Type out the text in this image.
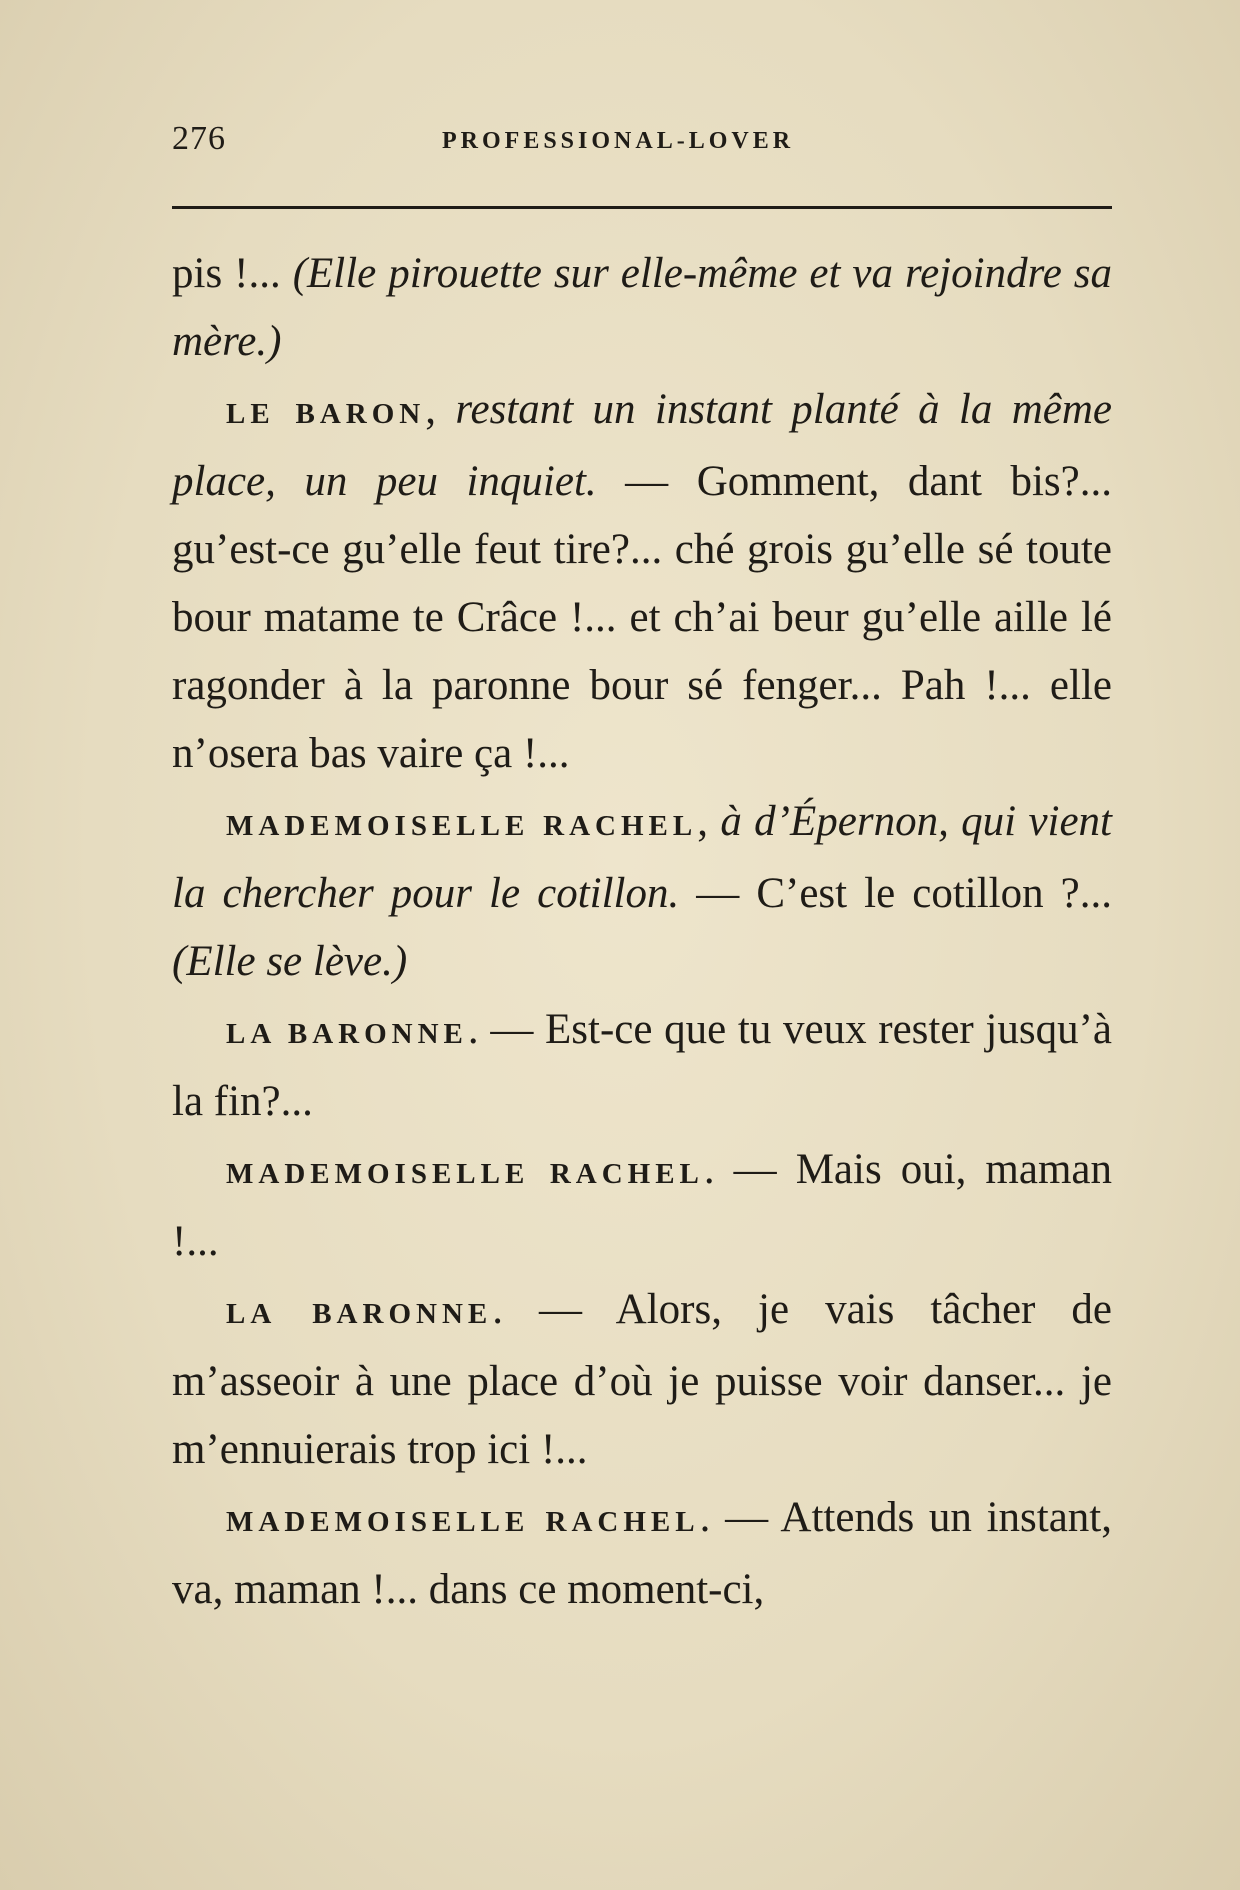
276	PROFESSIONAL-LOVER

pis !... (Elle pirouette sur elle-même et va rejoindre sa mère.)

LE BARON, restant un instant planté à la même place, un peu inquiet. — Gomment, dant bis?... gu’est-ce gu’elle feut tire?... ché grois gu’elle sé toute bour matame te Crâce !... et ch’ai beur gu’elle aille lé ragonder à la paronne bour sé fenger... Pah !... elle n’osera bas vaire ça !...

MADEMOISELLE RACHEL, à d’Épernon, qui vient la chercher pour le cotillon. — C’est le cotillon ?... (Elle se lève.)

LA BARONNE. — Est-ce que tu veux rester jusqu’à la fin?...

MADEMOISELLE RACHEL. — Mais oui, maman !...

LA BARONNE. — Alors, je vais tâcher de m’asseoir à une place d’où je puisse voir danser... je m’ennuierais trop ici !...

MADEMOISELLE RACHEL. — Attends un instant, va, maman !... dans ce moment-ci,
